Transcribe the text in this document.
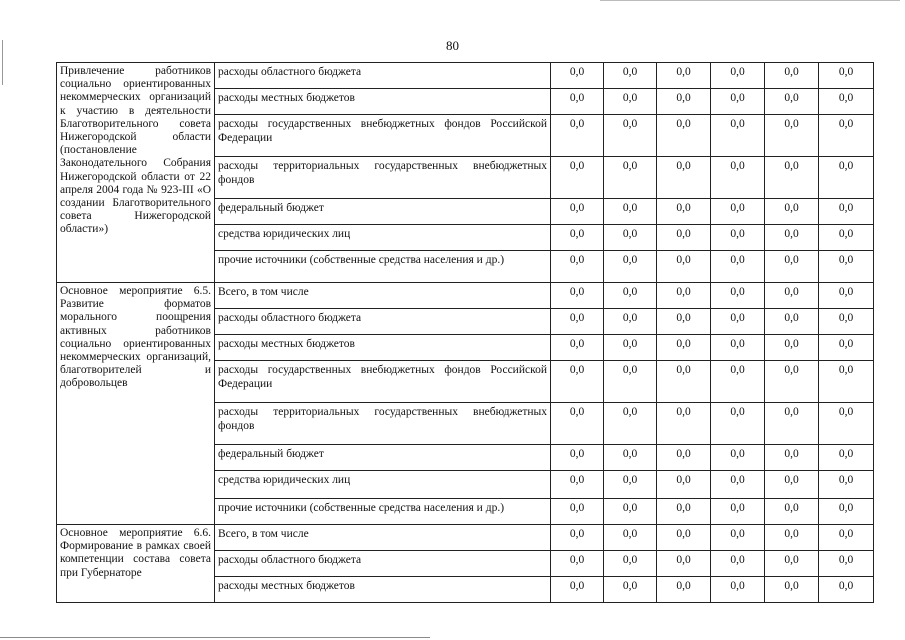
80
Привлечение работников социально ориентированных некоммерческих организаций к участию в деятельности Благотворительного совета Нижегородской области (постановление Законодательного Собрания Нижегородской области от 22 апреля 2004 года № 923-III «О создании Благотворительного совета Нижегородской области»)	расходы областного бюджета	0,0	0,0	0,0	0,0	0,0	0,0
	расходы местных бюджетов	0,0	0,0	0,0	0,0	0,0	0,0
	расходы государственных внебюджетных фондов Российской Федерации	0,0	0,0	0,0	0,0	0,0	0,0
	расходы территориальных государственных внебюджетных фондов	0,0	0,0	0,0	0,0	0,0	0,0
	федеральный бюджет	0,0	0,0	0,0	0,0	0,0	0,0
	средства юридических лиц	0,0	0,0	0,0	0,0	0,0	0,0
	прочие источники (собственные средства населения и др.)	0,0	0,0	0,0	0,0	0,0	0,0
Основное мероприятие 6.5. Развитие форматов морального поощрения активных работников социально ориентированных некоммерческих организаций, благотворителей и добровольцев	Всего, в том числе	0,0	0,0	0,0	0,0	0,0	0,0
	расходы областного бюджета	0,0	0,0	0,0	0,0	0,0	0,0
	расходы местных бюджетов	0,0	0,0	0,0	0,0	0,0	0,0
	расходы государственных внебюджетных фондов Российской Федерации	0,0	0,0	0,0	0,0	0,0	0,0
	расходы территориальных государственных внебюджетных фондов	0,0	0,0	0,0	0,0	0,0	0,0
	федеральный бюджет	0,0	0,0	0,0	0,0	0,0	0,0
	средства юридических лиц	0,0	0,0	0,0	0,0	0,0	0,0
	прочие источники (собственные средства населения и др.)	0,0	0,0	0,0	0,0	0,0	0,0
Основное мероприятие 6.6. Формирование в рамках своей компетенции состава совета при Губернаторе	Всего, в том числе	0,0	0,0	0,0	0,0	0,0	0,0
	расходы областного бюджета	0,0	0,0	0,0	0,0	0,0	0,0
	расходы местных бюджетов	0,0	0,0	0,0	0,0	0,0	0,0
